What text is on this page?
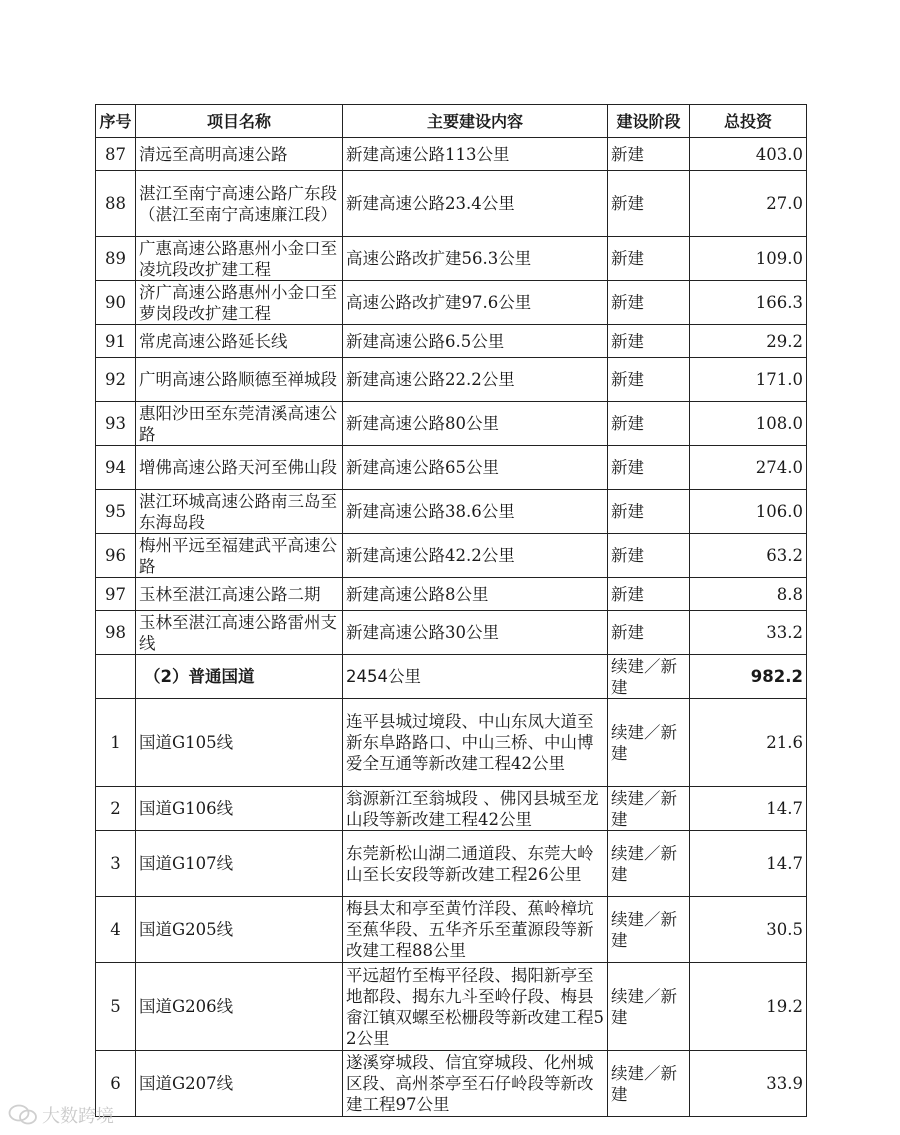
序号	项目名称	主要建设内容	建设阶段	总投资
87	清远至高明高速公路	新建高速公路113公里	新建	403.0
88	湛江至南宁高速公路广东段（湛江至南宁高速廉江段）	新建高速公路23.4公里	新建	27.0
89	广惠高速公路惠州小金口至凌坑段改扩建工程	高速公路改扩建56.3公里	新建	109.0
90	济广高速公路惠州小金口至萝岗段改扩建工程	高速公路改扩建97.6公里	新建	166.3
91	常虎高速公路延长线	新建高速公路6.5公里	新建	29.2
92	广明高速公路顺德至禅城段	新建高速公路22.2公里	新建	171.0
93	惠阳沙田至东莞清溪高速公路	新建高速公路80公里	新建	108.0
94	增佛高速公路天河至佛山段	新建高速公路65公里	新建	274.0
95	湛江环城高速公路南三岛至东海岛段	新建高速公路38.6公里	新建	106.0
96	梅州平远至福建武平高速公路	新建高速公路42.2公里	新建	63.2
97	玉林至湛江高速公路二期	新建高速公路8公里	新建	8.8
98	玉林至湛江高速公路雷州支线	新建高速公路30公里	新建	33.2
	（2）普通国道	2454公里	续建／新建	982.2
1	国道G105线	连平县城过境段、中山东凤大道至新东阜路路口、中山三桥、中山博爱全互通等新改建工程42公里	续建／新建	21.6
2	国道G106线	翁源新江至翁城段 、佛冈县城至龙山段等新改建工程42公里	续建／新建	14.7
3	国道G107线	东莞新松山湖二通道段、东莞大岭山至长安段等新改建工程26公里	续建／新建	14.7
4	国道G205线	梅县太和亭至黄竹洋段、蕉岭樟坑至蕉华段、五华齐乐至董源段等新改建工程88公里	续建／新建	30.5
5	国道G206线	平远超竹至梅平径段、揭阳新亭至地都段、揭东九斗至岭仔段、梅县畲江镇双螺至松栅段等新改建工程52公里	续建／新建	19.2
6	国道G207线	遂溪穿城段、信宜穿城段、化州城区段、高州茶亭至石仔岭段等新改建工程97公里	续建／新建	33.9
大数跨境
